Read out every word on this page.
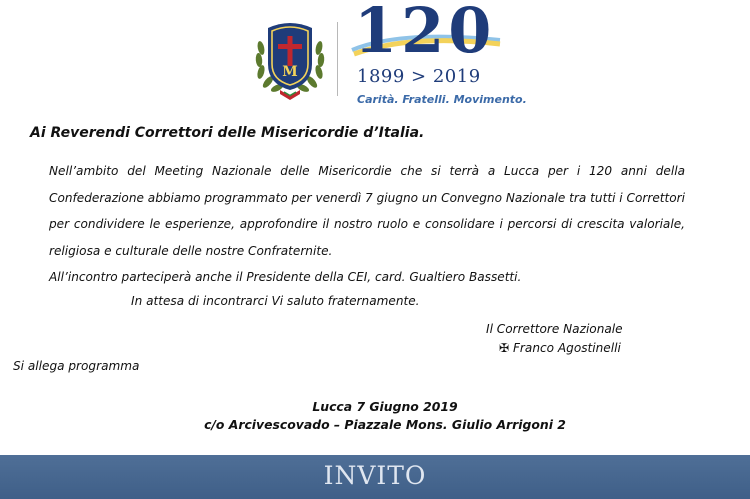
M
120
1899 > 2019
Carità. Fratelli. Movimento.
Ai Reverendi Correttori delle Misericordie d’Italia.

Nell’ambito del Meeting Nazionale delle Misericordie che si terrà a Lucca per i 120 anni della

Confederazione abbiamo programmato per venerdì 7 giugno un Convegno Nazionale tra tutti i Correttori

per condividere le esperienze, approfondire il nostro ruolo e consolidare i percorsi di crescita valoriale,

religiosa e culturale delle nostre Confraternite.

All’incontro parteciperà anche il Presidente della CEI, card. Gualtiero Bassetti.

In attesa di incontrarci Vi saluto fraternamente.
Il Correttore Nazionale
✠ Franco Agostinelli
Si allega programma
Lucca 7 Giugno 2019
c/o Arcivescovado – Piazzale Mons. Giulio Arrigoni 2
INVITO
